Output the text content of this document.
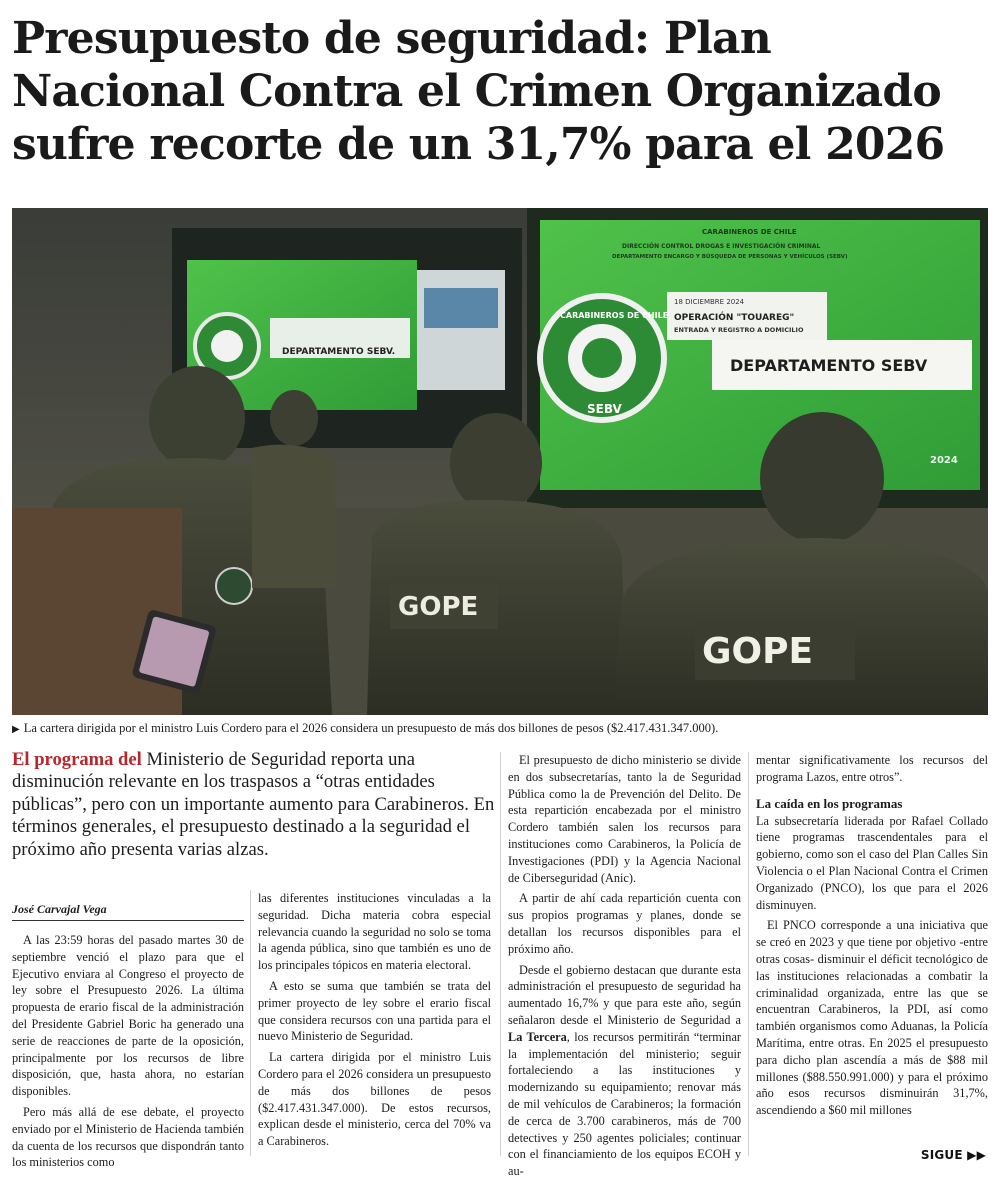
Presupuesto de seguridad: Plan Nacional Contra el Crimen Organizado sufre recorte de un 31,7% para el 2026
DEPARTAMENTO SEBV.
CARABINEROS DE CHILE
DIRECCIÓN CONTROL DROGAS E INVESTIGACIÓN CRIMINAL
DEPARTAMENTO ENCARGO Y BÚSQUEDA DE PERSONAS Y VEHÍCULOS (SEBV)
18 DICIEMBRE 2024
OPERACIÓN "TOUAREG"
ENTRADA Y REGISTRO A DOMICILIO
DEPARTAMENTO SEBV
CARABINEROS DE CHILE
SEBV
2024
GOPE
GOPE
▶ La cartera dirigida por el ministro Luis Cordero para el 2026 considera un presupuesto de más dos billones de pesos ($2.417.431.347.000).
El programa del Ministerio de Seguridad reporta una disminución relevante en los traspasos a “otras entidades públicas”, pero con un importante aumento para Carabineros. En términos generales, el presupuesto destinado a la seguridad el próximo año presenta varias alzas.
José Carvajal Vega

A las 23:59 horas del pasado martes 30 de septiembre venció el plazo para que el Ejecutivo enviara al Congreso el proyecto de ley sobre el Presupuesto 2026. La última propuesta de erario fiscal de la administración del Presidente Gabriel Boric ha generado una serie de reacciones de parte de la oposición, principalmente por los recursos de libre disposición, que, hasta ahora, no estarían disponibles.

Pero más allá de ese debate, el proyecto enviado por el Ministerio de Hacienda también da cuenta de los recursos que dispondrán tanto los ministerios como

las diferentes instituciones vinculadas a la seguridad. Dicha materia cobra especial relevancia cuando la seguridad no solo se toma la agenda pública, sino que también es uno de los principales tópicos en materia electoral.

A esto se suma que también se trata del primer proyecto de ley sobre el erario fiscal que considera recursos con una partida para el nuevo Ministerio de Seguridad.

La cartera dirigida por el ministro Luis Cordero para el 2026 considera un presupuesto de más dos billones de pesos ($2.417.431.347.000). De estos recursos, explican desde el ministerio, cerca del 70% va a Carabineros.

El presupuesto de dicho ministerio se divide en dos subsecretarías, tanto la de Seguridad Pública como la de Prevención del Delito. De esta repartición encabezada por el ministro Cordero también salen los recursos para instituciones como Carabineros, la Policía de Investigaciones (PDI) y la Agencia Nacional de Ciberseguridad (Anic).

A partir de ahí cada repartición cuenta con sus propios programas y planes, donde se detallan los recursos disponibles para el próximo año.

Desde el gobierno destacan que durante esta administración el presupuesto de seguridad ha aumentado 16,7% y que para este año, según señalaron desde el Ministerio de Seguridad a La Tercera, los recursos permitirán “terminar la implementación del ministerio; seguir fortaleciendo a las instituciones y modernizando su equipamiento; renovar más de mil vehículos de Carabineros; la formación de cerca de 3.700 carabineros, más de 700 detectives y 250 agentes policiales; continuar con el financiamiento de los equipos ECOH y au-

mentar significativamente los recursos del programa Lazos, entre otros”.

La caída en los programas

La subsecretaría liderada por Rafael Collado tiene programas trascendentales para el gobierno, como son el caso del Plan Calles Sin Violencia o el Plan Nacional Contra el Crimen Organizado (PNCO), los que para el 2026 disminuyen.

El PNCO corresponde a una iniciativa que se creó en 2023 y que tiene por objetivo -entre otras cosas- disminuir el déficit tecnológico de las instituciones relacionadas a combatir la criminalidad organizada, entre las que se encuentran Carabineros, la PDI, así como también organismos como Aduanas, la Policía Marítima, entre otras. En 2025 el presupuesto para dicho plan ascendía a más de $88 mil millones ($88.550.991.000) y para el próximo año esos recursos disminuirán 31,7%, ascendiendo a $60 mil millones

SIGUE ▶▶
